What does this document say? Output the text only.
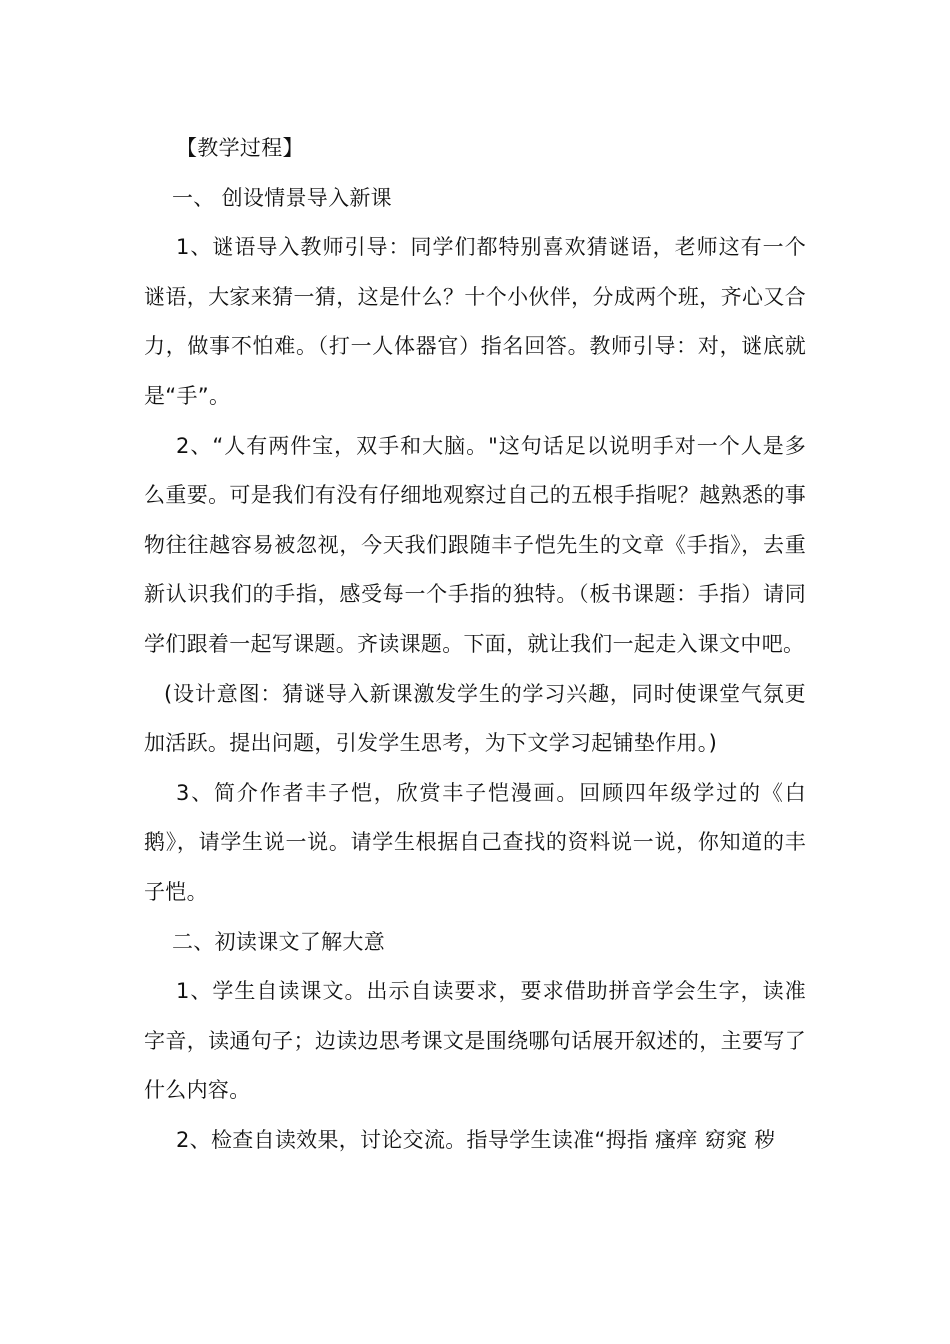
【教学过程】

一、 创设情景导入新课

1、谜语导入教师引导：同学们都特别喜欢猜谜语，老师这有一个谜语，大家来猜一猜，这是什么？十个小伙伴，分成两个班，齐心又合力，做事不怕难。（打一人体器官）指名回答。教师引导：对，谜底就是“手”。

2、“人有两件宝，双手和大脑。"这句话足以说明手对一个人是多么重要。可是我们有没有仔细地观察过自己的五根手指呢？越熟悉的事物往往越容易被忽视，今天我们跟随丰子恺先生的文章《手指》，去重新认识我们的手指，感受每一个手指的独特。（板书课题：手指）请同学们跟着一起写课题。齐读课题。下面，就让我们一起走入课文中吧。

(设计意图：猜谜导入新课激发学生的学习兴趣，同时使课堂气氛更加活跃。提出问题，引发学生思考，为下文学习起铺垫作用。)

3、简介作者丰子恺，欣赏丰子恺漫画。回顾四年级学过的《白鹅》，请学生说一说。请学生根据自己查找的资料说一说，你知道的丰子恺。

二、初读课文了解大意

1、学生自读课文。出示自读要求，要求借助拼音学会生字，读准字音，读通句子；边读边思考课文是围绕哪句话展开叙述的，主要写了什么内容。

2、检查自读效果，讨论交流。指导学生读准“拇指 瘙痒 窈窕 秽
